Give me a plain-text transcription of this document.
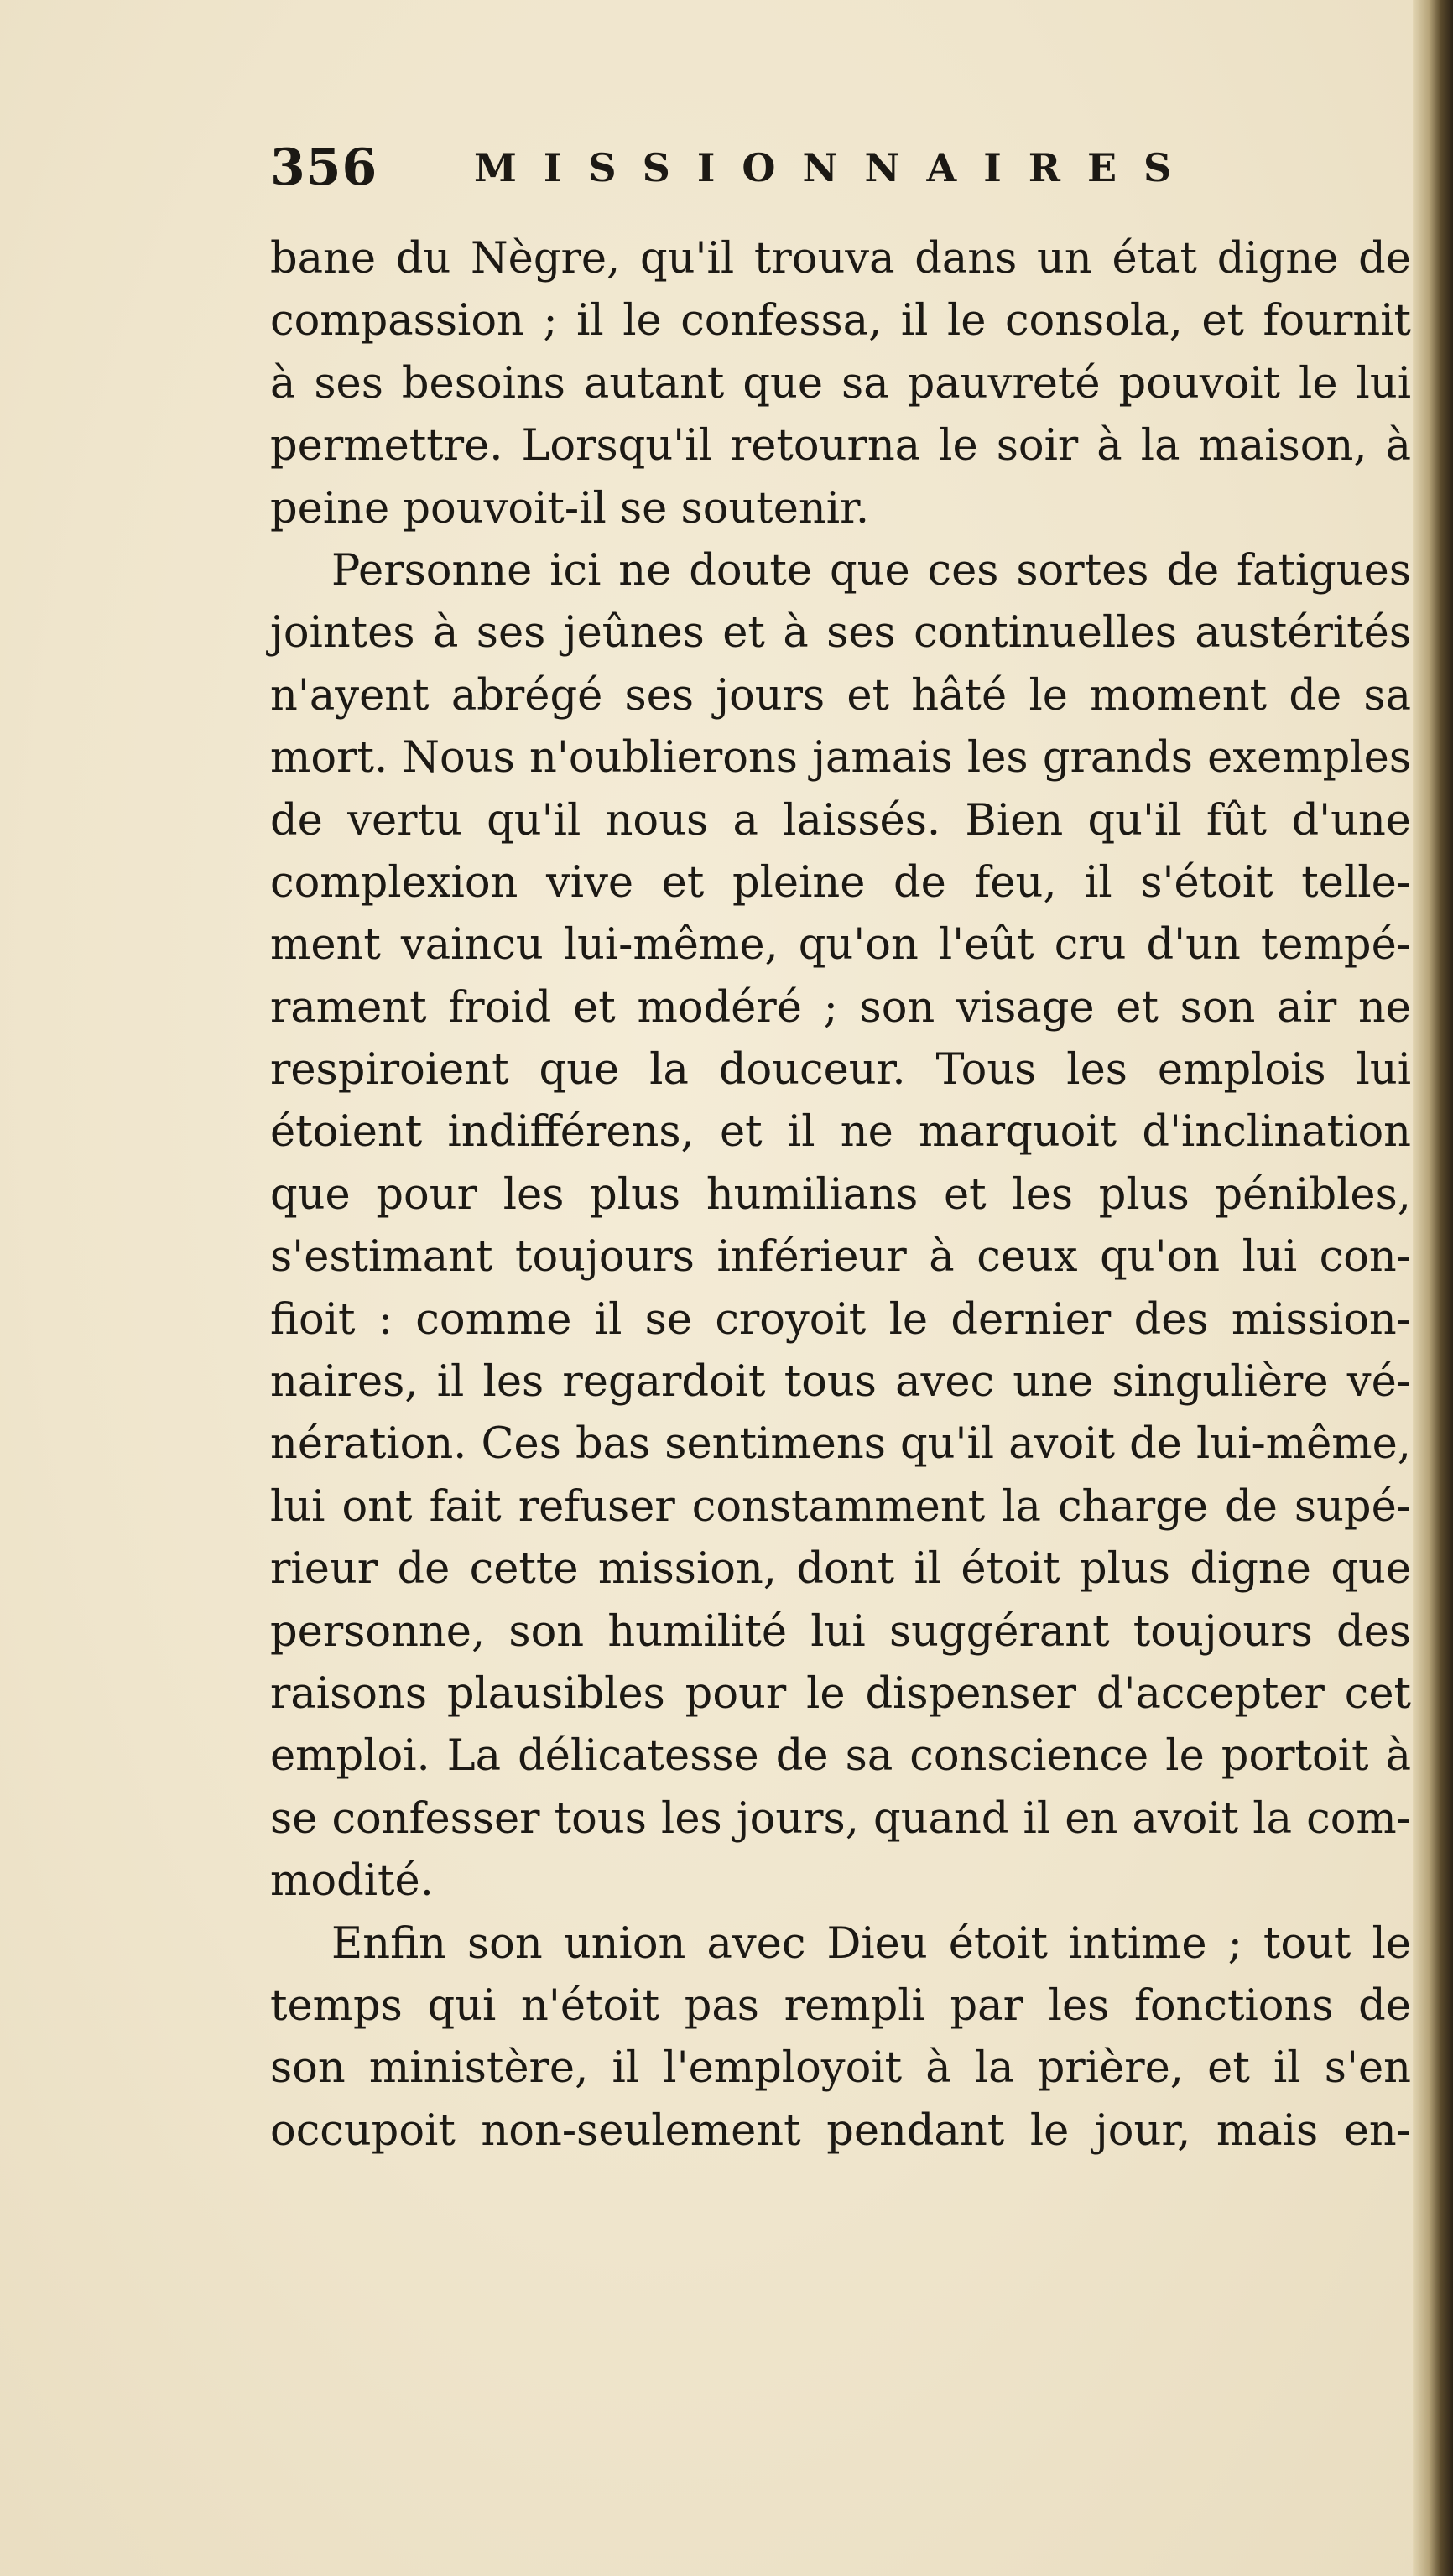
356 MISSIONNAIRES
bane du Nègre, qu'il trouva dans un état digne de
compassion ; il le confessa, il le consola, et fournit
à ses besoins autant que sa pauvreté pouvoit le lui
permettre. Lorsqu'il retourna le soir à la maison, à
peine pouvoit-il se soutenir.
Personne ici ne doute que ces sortes de fatigues
jointes à ses jeûnes et à ses continuelles austérités
n'ayent abrégé ses jours et hâté le moment de sa
mort. Nous n'oublierons jamais les grands exemples
de vertu qu'il nous a laissés. Bien qu'il fût d'une
complexion vive et pleine de feu, il s'étoit telle-
ment vaincu lui-même, qu'on l'eût cru d'un tempé-
rament froid et modéré ; son visage et son air ne
respiroient que la douceur. Tous les emplois lui
étoient indifférens, et il ne marquoit d'inclination
que pour les plus humilians et les plus pénibles,
s'estimant toujours inférieur à ceux qu'on lui con-
fioit : comme il se croyoit le dernier des mission-
naires, il les regardoit tous avec une singulière vé-
nération. Ces bas sentimens qu'il avoit de lui-même,
lui ont fait refuser constamment la charge de supé-
rieur de cette mission, dont il étoit plus digne que
personne, son humilité lui suggérant toujours des
raisons plausibles pour le dispenser d'accepter cet
emploi. La délicatesse de sa conscience le portoit à
se confesser tous les jours, quand il en avoit la com-
modité.
Enfin son union avec Dieu étoit intime ; tout le
temps qui n'étoit pas rempli par les fonctions de
son ministère, il l'employoit à la prière, et il s'en
occupoit non-seulement pendant le jour, mais en-
